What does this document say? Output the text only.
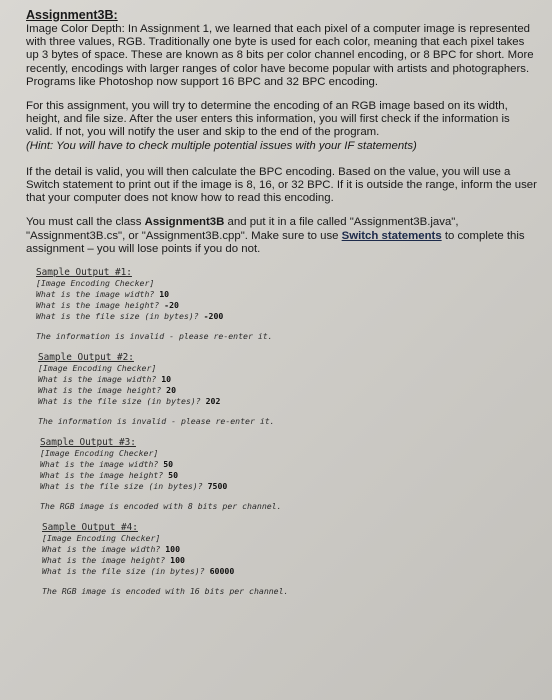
Assignment3B:

Image Color Depth: In Assignment 1, we learned that each pixel of a computer image is represented with three values, RGB. Traditionally one byte is used for each color, meaning that each pixel takes up 3 bytes of space. These are known as 8 bits per color channel encoding, or 8 BPC for short. More recently, encodings with larger ranges of color have become popular with artists and photographers. Programs like Photoshop now support 16 BPC and 32 BPC encoding.

For this assignment, you will try to determine the encoding of an RGB image based on its width, height, and file size. After the user enters this information, you will first check if the information is valid. If not, you will notify the user and skip to the end of the program.

(Hint: You will have to check multiple potential issues with your IF statements)

If the detail is valid, you will then calculate the BPC encoding. Based on the value, you will use a Switch statement to print out if the image is 8, 16, or 32 BPC. If it is outside the range, inform the user that your computer does not know how to read this encoding.

You must call the class Assignment3B and put it in a file called "Assignment3B.java", "Assignment3B.cs", or "Assignment3B.cpp". Make sure to use Switch statements to complete this assignment – you will lose points if you do not.

Sample Output #1:
[Image Encoding Checker]
What is the image width? 10
What is the image height? -20
What is the file size (in bytes)? -200
The information is invalid - please re-enter it.
Sample Output #2:
[Image Encoding Checker]
What is the image width? 10
What is the image height? 20
What is the file size (in bytes)? 202
The information is invalid - please re-enter it.
Sample Output #3:
[Image Encoding Checker]
What is the image width? 50
What is the image height? 50
What is the file size (in bytes)? 7500
The RGB image is encoded with 8 bits per channel.
Sample Output #4:
[Image Encoding Checker]
What is the image width? 100
What is the image height? 100
What is the file size (in bytes)? 60000
The RGB image is encoded with 16 bits per channel.
